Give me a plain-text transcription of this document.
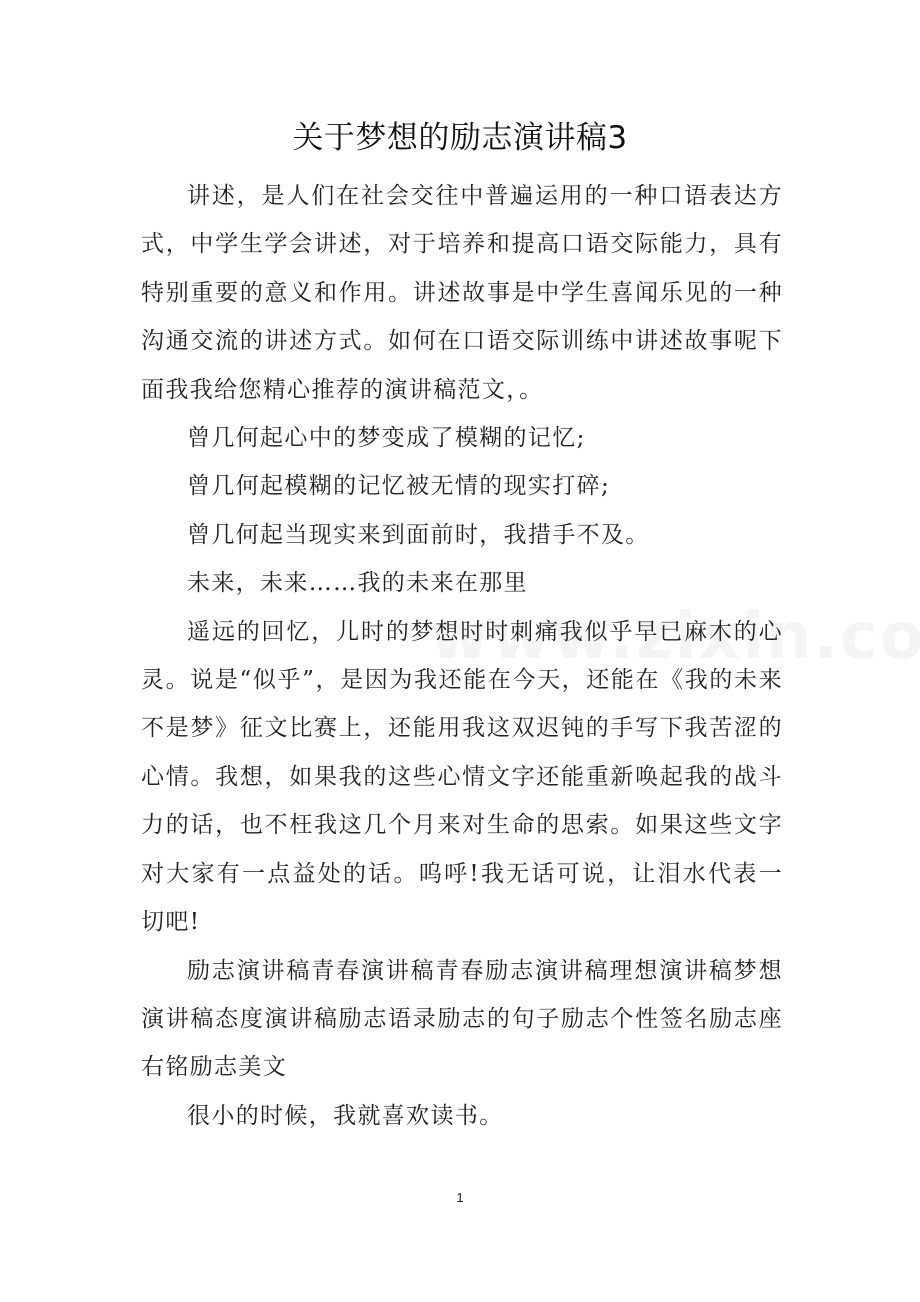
关于梦想的励志演讲稿3

讲述，是人们在社会交往中普遍运用的一种口语表达方式，中学生学会讲述，对于培养和提高口语交际能力，具有特别重要的意义和作用。讲述故事是中学生喜闻乐见的一种沟通交流的讲述方式。如何在口语交际训练中讲述故事呢下面我我给您精心推荐的演讲稿范文，。

曾几何起心中的梦变成了模糊的记忆;

曾几何起模糊的记忆被无情的现实打碎;

曾几何起当现实来到面前时，我措手不及。

未来，未来……我的未来在那里

遥远的回忆，儿时的梦想时时刺痛我似乎早已麻木的心灵。说是“似乎”，是因为我还能在今天，还能在《我的未来不是梦》征文比赛上，还能用我这双迟钝的手写下我苦涩的心情。我想，如果我的这些心情文字还能重新唤起我的战斗力的话，也不枉我这几个月来对生命的思索。如果这些文字对大家有一点益处的话。呜呼!我无话可说，让泪水代表一切吧!

励志演讲稿青春演讲稿青春励志演讲稿理想演讲稿梦想演讲稿态度演讲稿励志语录励志的句子励志个性签名励志座右铭励志美文

很小的时候，我就喜欢读书。

1
